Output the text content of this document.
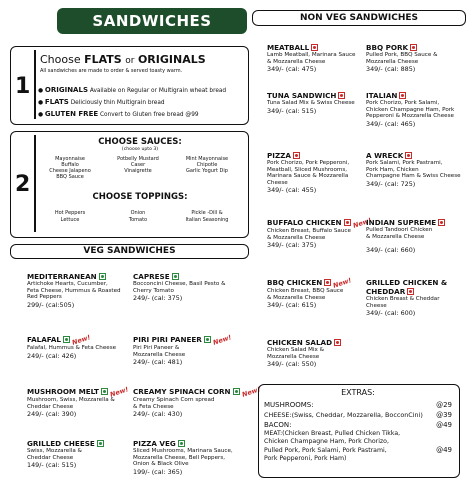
SANDWICHES
1
Choose FLATS or ORIGINALS
All sandwiches are made to order & served toasty warm.
● ORIGINALS Available on Regular or Multigrain wheat bread
● FLATS Deliciously thin Multigrain bread
● GLUTEN FREE Convert to Gluten free bread @99
2
CHOOSE SAUCES:
(choose upto 3)
Mayonnaise
Buffalo
Cheese Jalapeno
BBQ Sauce
Potbelly Mustard
Caser
Vinaigrette
Mint Mayonnaise
Chipotle
Garlic Yogurt Dip
CHOOSE TOPPINGS:
Hot Peppers
Lettuce
Onion
Tomato
Pickle -Dill &
Italian Seasoning
VEG SANDWICHES
MEDITERRANEAN
Artichoke Hearts, Cucumber,
Feta Cheese, Hummus & Roasted
Red Peppers
299/- (cal:505)
CAPRESE
Bocconcini Cheese, Basil Pesto &
Cherry Tomato
249/- (cal: 375)
FALAFAL New!
Falafal, Hummus & Feta Cheese
249/- (cal: 426)
PIRI PIRI PANEER New!
Piri Piri Paneer &
Mozzarella Cheese
249/- (cal: 481)
MUSHROOM MELT New!
Mushroom, Swiss, Mozzarella &
Cheddar Cheese
249/- (cal: 390)
CREAMY SPINACH CORN New!
Creamy Spinach Corn spread
& Feta Cheese
249/- (cal: 430)
GRILLED CHEESE
Swiss, Mozzarella &
Cheddar Cheese
149/- (cal: 515)
PIZZA VEG
Sliced Mushrooms, Marinara Sauce,
Mozzarella Cheese, Bell Peppers,
Onion & Black Olive
199/- (cal: 365)
NON VEG SANDWICHES
MEATBALL
Lamb Meatball, Marinara Sauce
& Mozzarella Cheese
349/- (cal: 475)
TUNA SANDWICH
Tuna Salad Mix & Swiss Cheese
349/- (cal: 515)
PIZZA
Pork Chorizo, Pork Pepperoni,
Meatball, Sliced Mushrooms,
Marinara Sauce & Mozzarella
Cheese
349/- (cal: 455)
BUFFALO CHICKEN New!
Chicken Breast, Buffalo Sauce
& Mozzarella Cheese
349/- (cal: 375)
BBQ CHICKEN New!
Chicken Breast, BBQ Sauce
& Mozzarella Cheese
349/- (cal: 615)
CHICKEN SALAD
Chicken Salad Mix &
Mozzarella Cheese
349/- (cal: 550)
BBQ PORK
Pulled Pork, BBQ Sauce &
Mozzarella Cheese
349/- (cal: 885)
ITALIAN
Pork Chorizo, Pork Salami,
Chicken Champagne Ham, Pork
Pepperoni & Mozzarella Cheese
349/- (cal: 465)
A WRECK
Pork Salami, Pork Pastrami,
Pork Ham, Chicken
Champagne Ham & Swiss Cheese
349/- (cal: 725)
INDIAN SUPREME
Pulled Tandoori Chicken
& Mozzarella Cheese
349/- (cal: 660)
GRILLED CHICKEN & CHEDDAR
Chicken Breast & Cheddar
Cheese
349/- (cal: 600)
EXTRAS:
MUSHROOMS:	@29
CHEESE:(Swiss, Cheddar, Mozzarella, BocconCini) @39
BACON:	@49
MEAT:(Chicken Breast, Pulled Chicken Tikka,
Chicken Champagne Ham, Pork Chorizo,
Pulled Pork, Pork Salami, Pork Pastrami,
Pork Pepperoni, Pork Ham)
@49
